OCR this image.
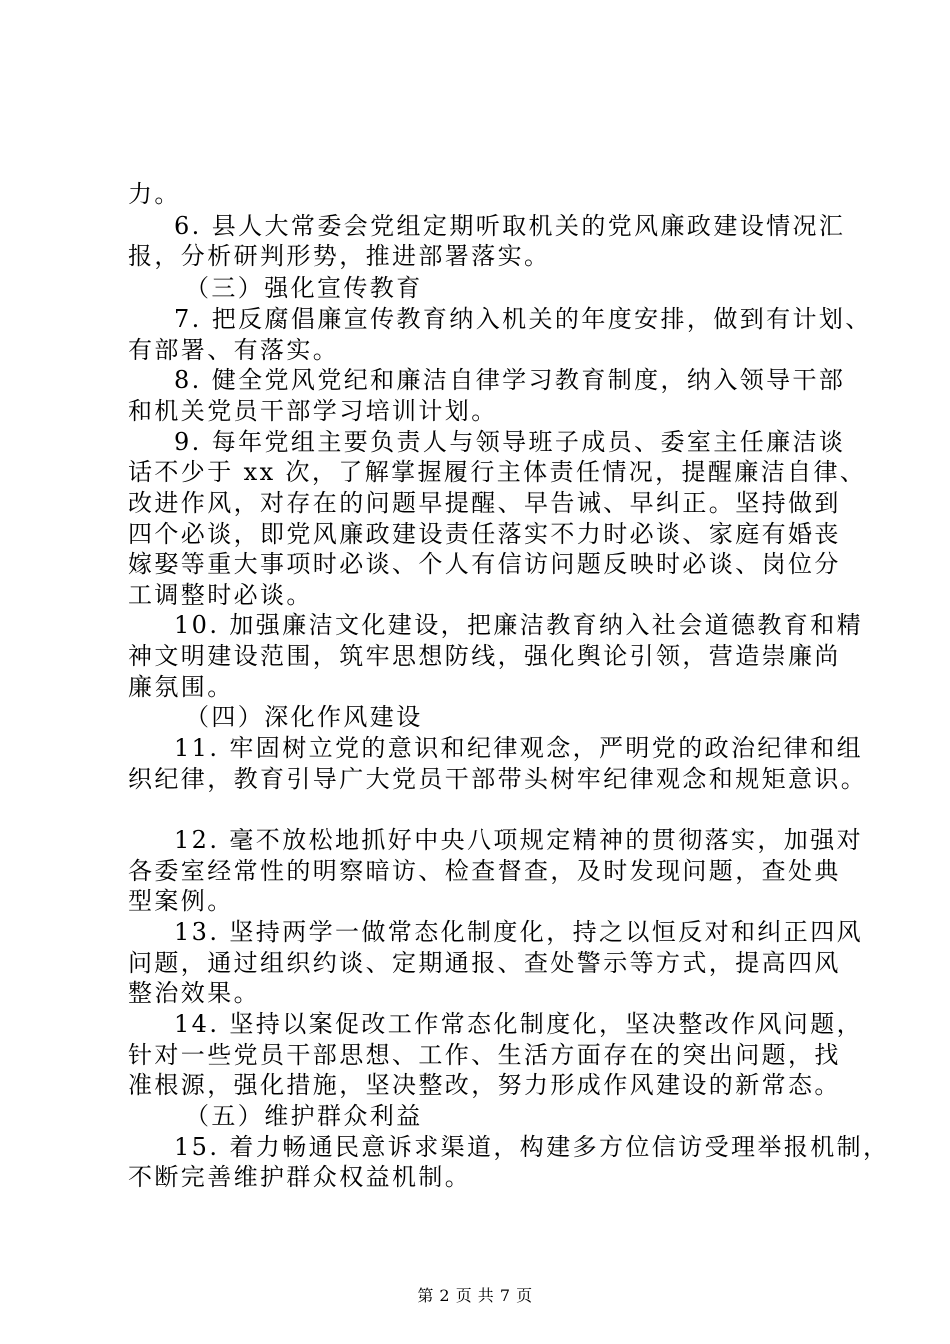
力。

6. 县人大常委会党组定期听取机关的党风廉政建设情况汇

报，分析研判形势，推进部署落实。

（三）强化宣传教育

7. 把反腐倡廉宣传教育纳入机关的年度安排，做到有计划、

有部署、有落实。

8. 健全党风党纪和廉洁自律学习教育制度，纳入领导干部

和机关党员干部学习培训计划。

9. 每年党组主要负责人与领导班子成员、委室主任廉洁谈

话不少于 xx 次，了解掌握履行主体责任情况，提醒廉洁自律、

改进作风，对存在的问题早提醒、早告诫、早纠正。坚持做到

四个必谈，即党风廉政建设责任落实不力时必谈、家庭有婚丧

嫁娶等重大事项时必谈、个人有信访问题反映时必谈、岗位分

工调整时必谈。

10. 加强廉洁文化建设，把廉洁教育纳入社会道德教育和精

神文明建设范围，筑牢思想防线，强化舆论引领，营造崇廉尚

廉氛围。

（四）深化作风建设

11. 牢固树立党的意识和纪律观念，严明党的政治纪律和组

织纪律，教育引导广大党员干部带头树牢纪律观念和规矩意识。

12. 毫不放松地抓好中央八项规定精神的贯彻落实，加强对

各委室经常性的明察暗访、检查督查，及时发现问题，查处典

型案例。

13. 坚持两学一做常态化制度化，持之以恒反对和纠正四风

问题，通过组织约谈、定期通报、查处警示等方式，提高四风

整治效果。

14. 坚持以案促改工作常态化制度化，坚决整改作风问题，

针对一些党员干部思想、工作、生活方面存在的突出问题，找

准根源，强化措施，坚决整改，努力形成作风建设的新常态。

（五）维护群众利益

15. 着力畅通民意诉求渠道，构建多方位信访受理举报机制，

不断完善维护群众权益机制。

第 2 页 共 7 页
